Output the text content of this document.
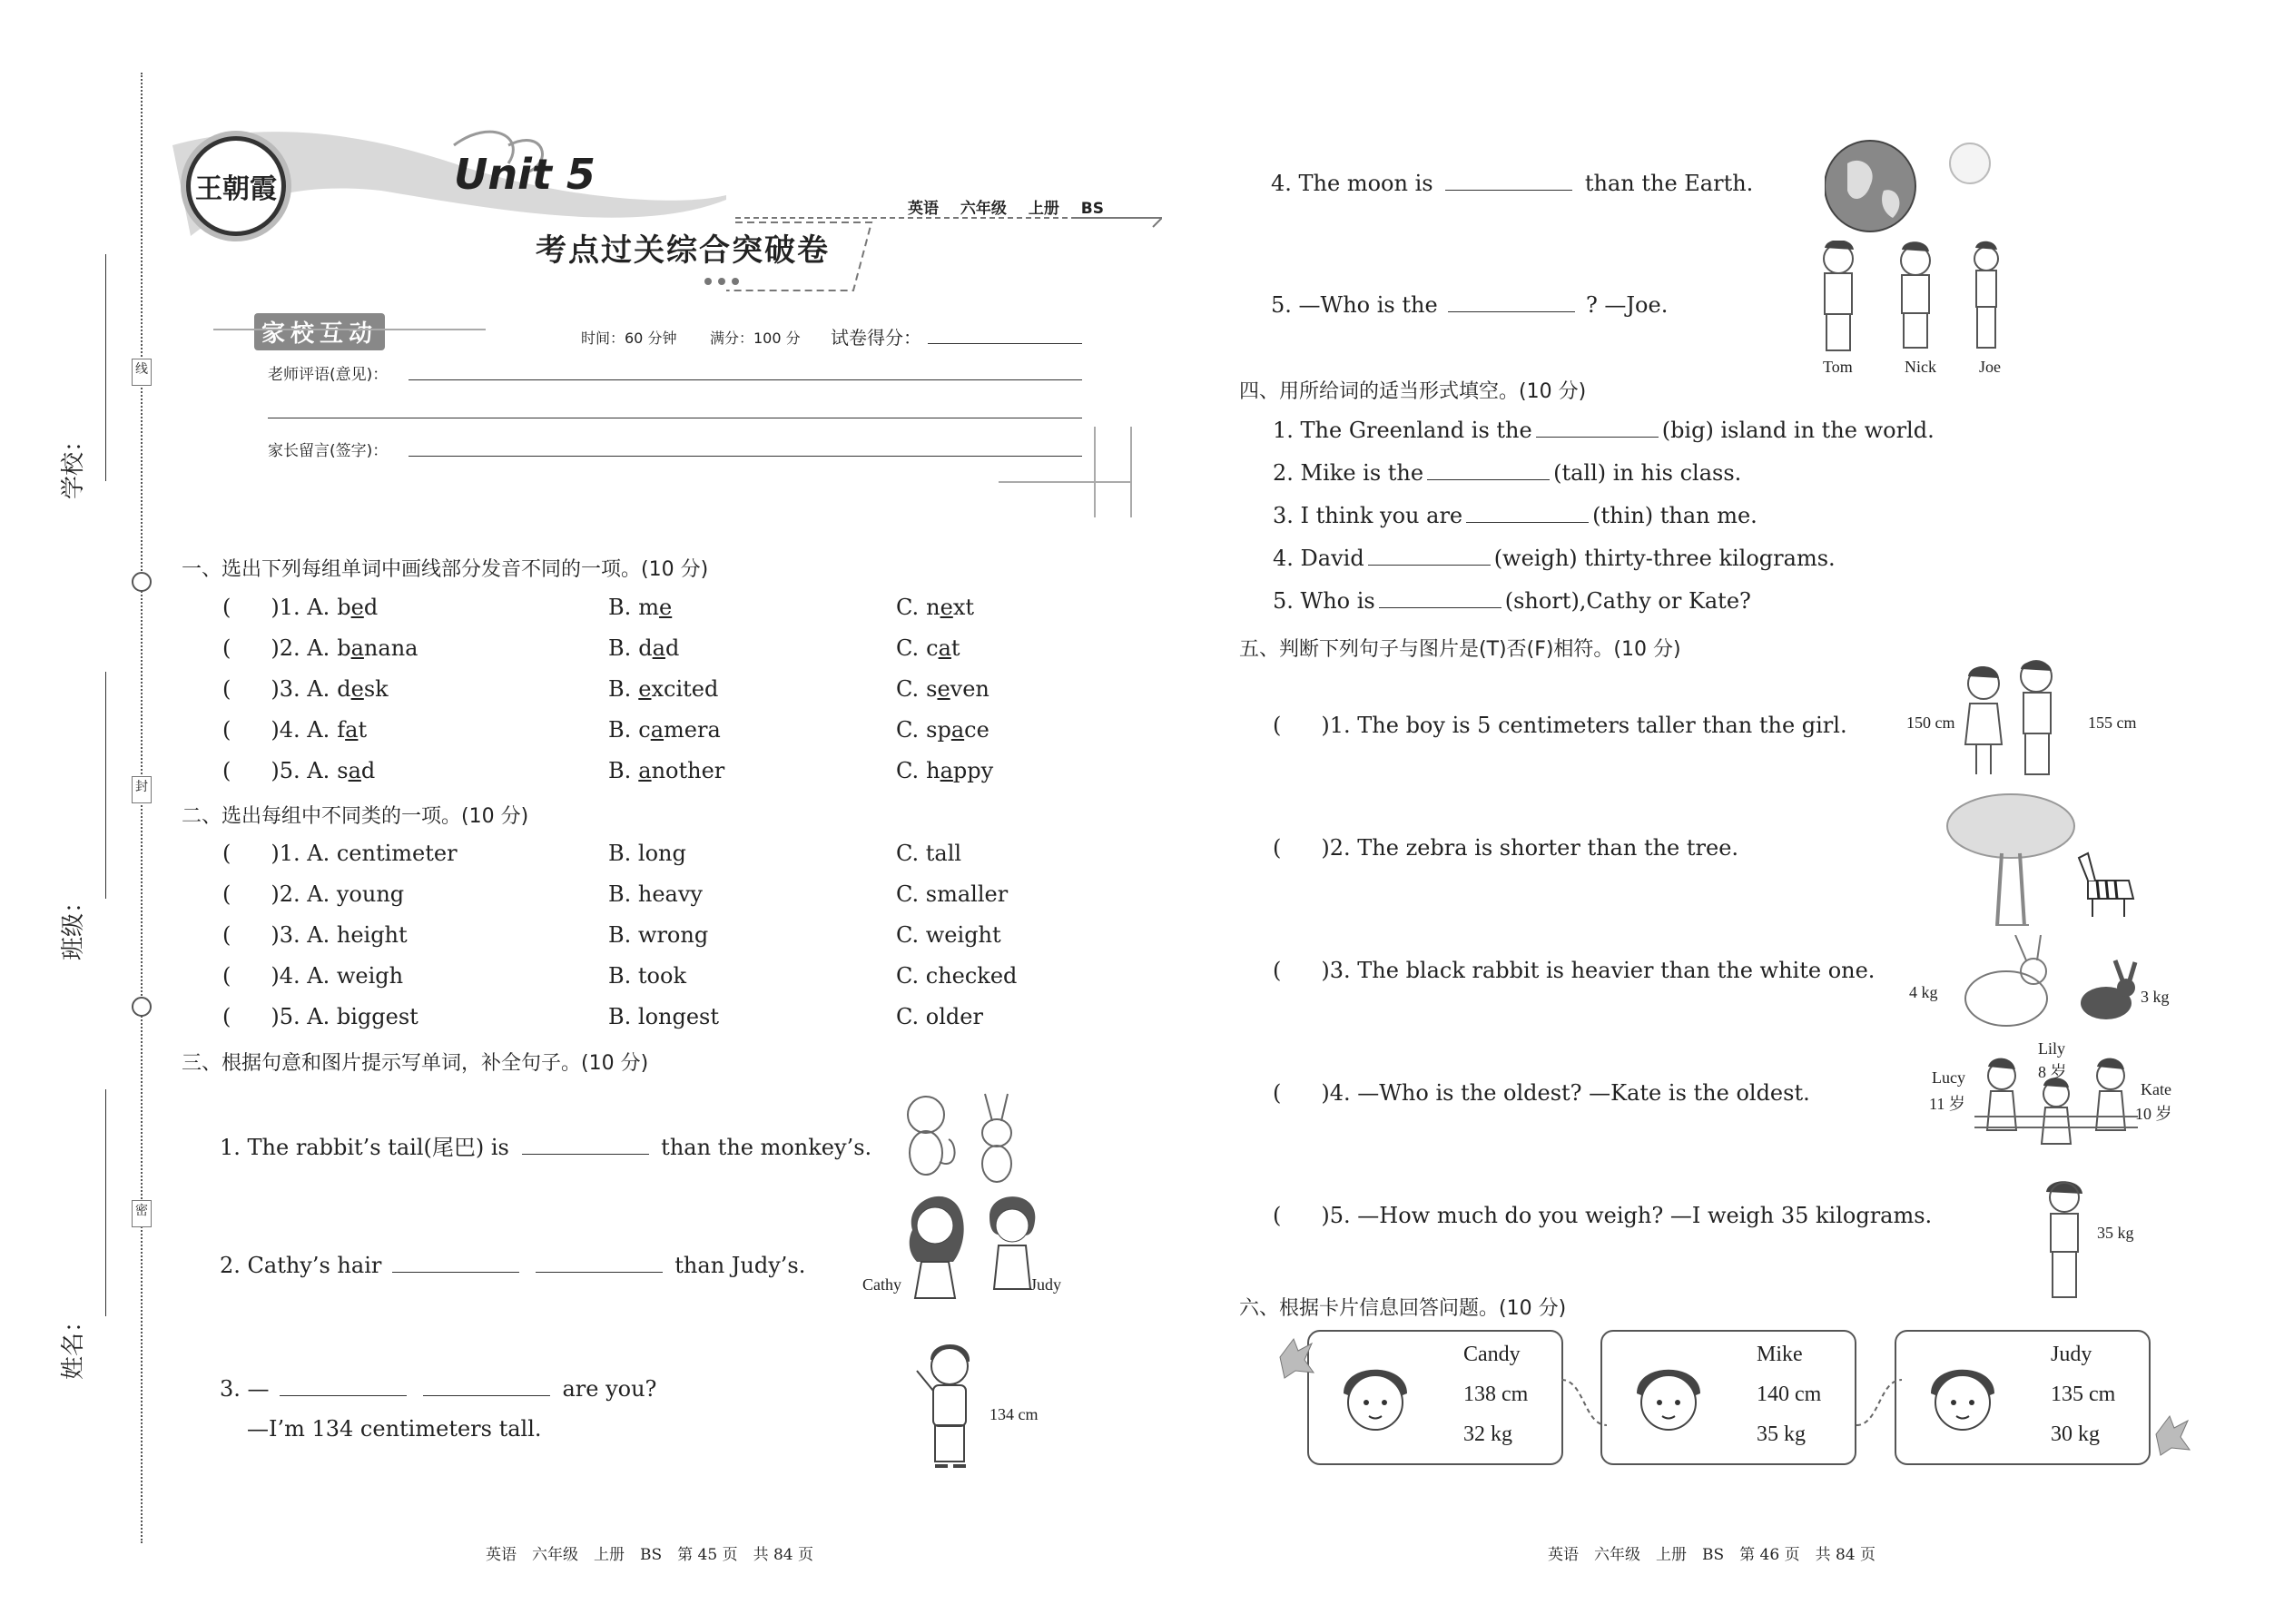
线
封
密
学校：
班级：
姓名：
王朝霞	Unit 5
英语 六年级 上册 BS
考点过关综合突破卷
家校互动	时间：60 分钟 满分：100 分 试卷得分：
老师评语(意见)：
家长留言(签字)：
一、选出下列每组单词中画线部分发音不同的一项。(10 分)
( )1. A. bed	B. me	C. next
( )2. A. banana	B. dad	C. cat
( )3. A. desk	B. excited	C. seven
( )4. A. fat	B. camera	C. space
( )5. A. sad	B. another	C. happy
二、选出每组中不同类的一项。(10 分)
( )1. A. centimeter	B. long	C. tall
( )2. A. young	B. heavy	C. smaller
( )3. A. height	B. wrong	C. weight
( )4. A. weigh	B. took	C. checked
( )5. A. biggest	B. longest	C. older
三、根据句意和图片提示写单词，补全句子。(10 分)
1. The rabbit’s tail(尾巴) is	than the monkey’s.
2. Cathy’s hair	than Judy’s.
3. —	are you?
—I’m 134 centimeters tall.
Cathy	Judy
134 cm
4. The moon is	than the Earth.
5. —Who is the	? —Joe.
Tom	Nick	Joe
四、用所给词的适当形式填空。(10 分)
1. The Greenland is the	(big) island in the world.
2. Mike is the	(tall) in his class.
3. I think you are	(thin) than me.
4. David	(weigh) thirty-three kilograms.
5. Who is	(short),Cathy or Kate?
五、判断下列句子与图片是(T)否(F)相符。(10 分)
( )1. The boy is 5 centimeters taller than the girl.
( )2. The zebra is shorter than the tree.
( )3. The black rabbit is heavier than the white one.
( )4. —Who is the oldest? —Kate is the oldest.
( )5. —How much do you weigh? —I weigh 35 kilograms.
150 cm	155 cm
4 kg	3 kg
Lucy
11 岁
Lily
8 岁
Kate
10 岁
35 kg
六、根据卡片信息回答问题。(10 分)
Candy
138 cm
32 kg
Mike
140 cm
35 kg
Judy
135 cm
30 kg
英语　六年级　上册　BS　第 45 页　共 84 页	英语　六年级　上册　BS　第 46 页　共 84 页
